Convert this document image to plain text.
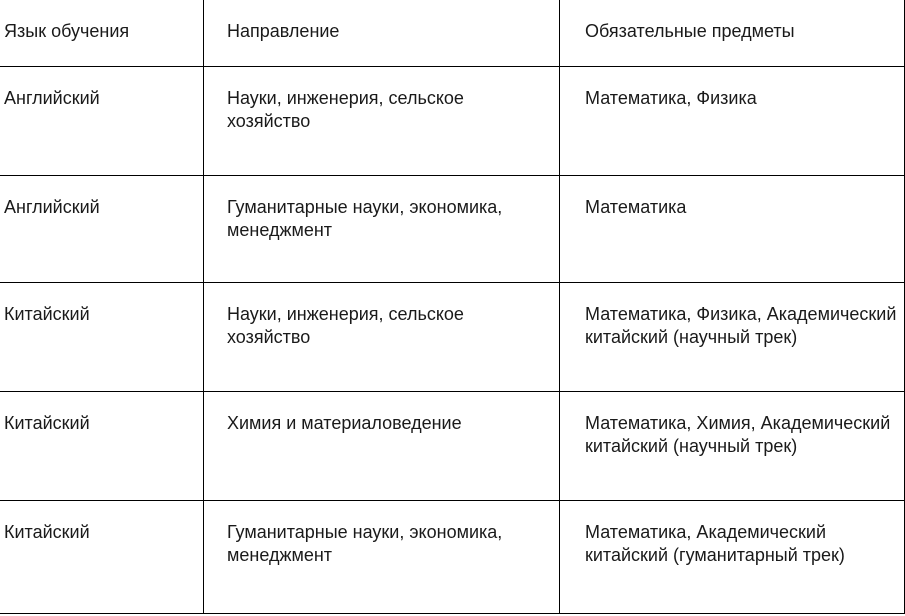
Язык обучения	Направление	Обязательные предметы

Английский	Науки, инженерия, сельское хозяйство	Математика, Физика

Английский	Гуманитарные науки, экономика, менеджмент	Математика

Китайский	Науки, инженерия, сельское хозяйство	Математика, Физика, Академический китайский (научный трек)

Китайский	Химия и материаловедение	Математика, Химия, Академический китайский (научный трек)

Китайский	Гуманитарные науки, экономика, менеджмент	Математика, Академический китайский (гуманитарный трек)
